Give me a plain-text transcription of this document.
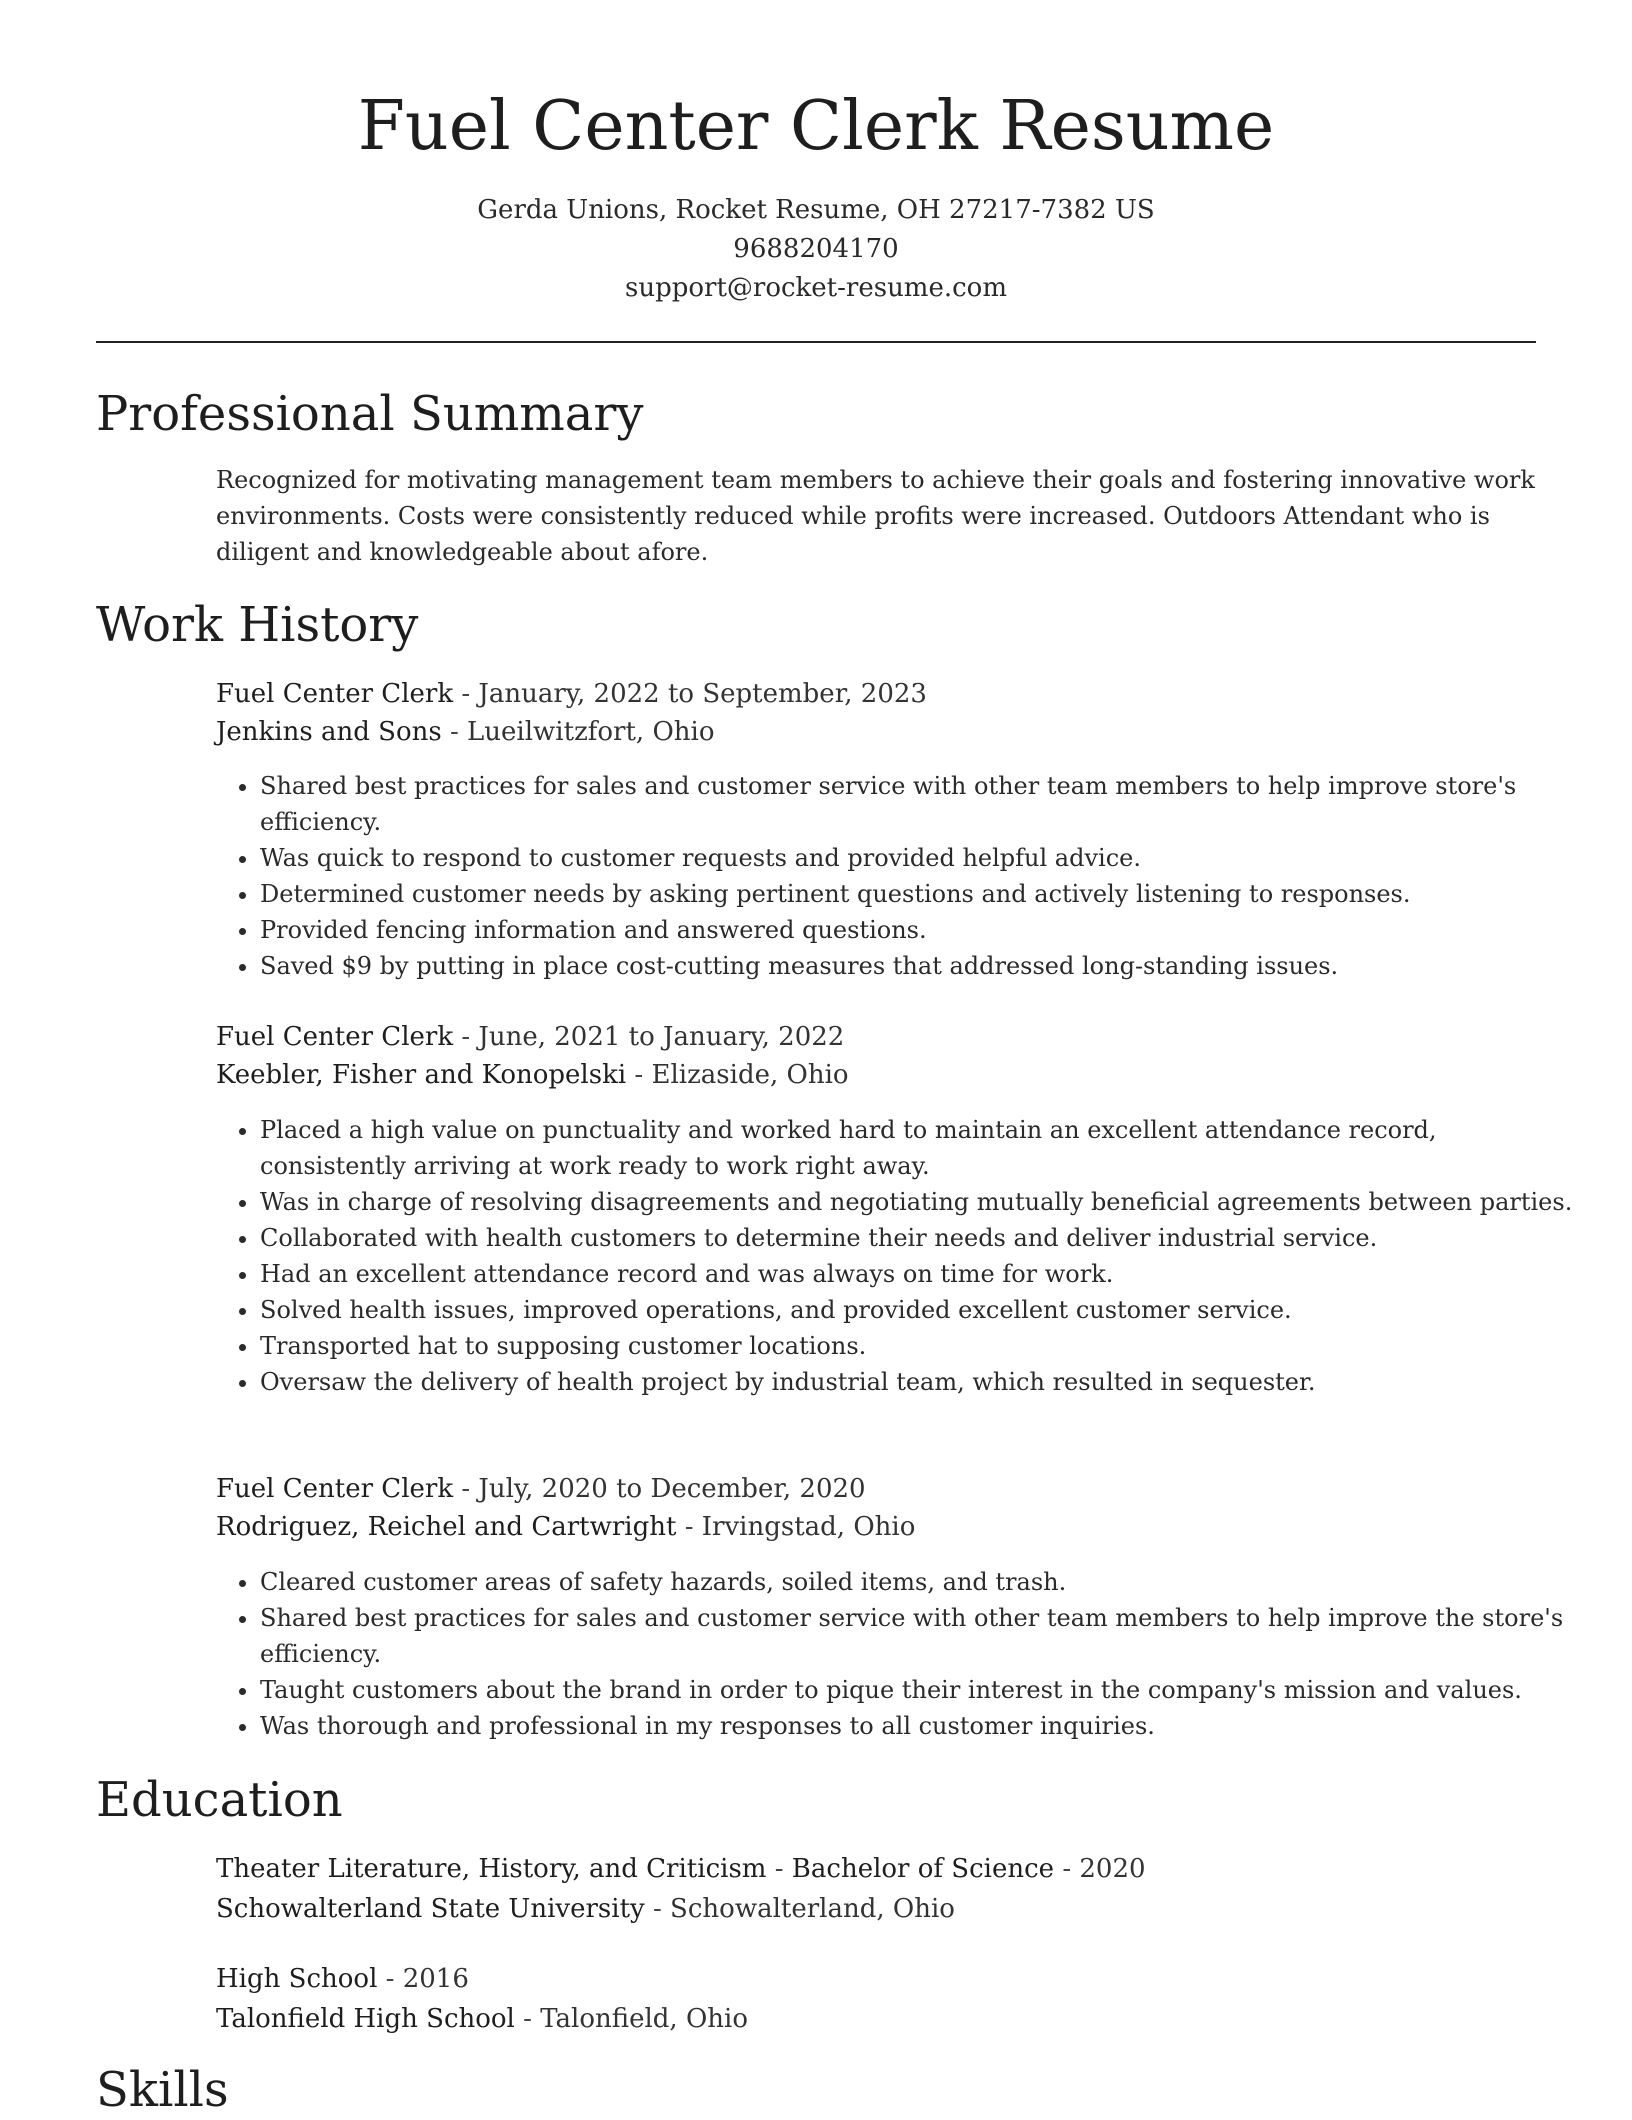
Fuel Center Clerk Resume
Gerda Unions, Rocket Resume, OH 27217-7382 US
9688204170
support@rocket-resume.com
Professional Summary

Recognized for motivating management team members to achieve their goals and fostering innovative work environments. Costs were consistently reduced while profits were increased. Outdoors Attendant who is diligent and knowledgeable about afore.

Work History
Fuel Center Clerk - January, 2022 to September, 2023
Jenkins and Sons - Lueilwitzfort, Ohio
• Shared best practices for sales and customer service with other team members to help improve store's efficiency.
• Was quick to respond to customer requests and provided helpful advice.
• Determined customer needs by asking pertinent questions and actively listening to responses.
• Provided fencing information and answered questions.
• Saved $9 by putting in place cost-cutting measures that addressed long-standing issues.
Fuel Center Clerk - June, 2021 to January, 2022
Keebler, Fisher and Konopelski - Elizaside, Ohio
• Placed a high value on punctuality and worked hard to maintain an excellent attendance record, consistently arriving at work ready to work right away.
• Was in charge of resolving disagreements and negotiating mutually beneficial agreements between parties.
• Collaborated with health customers to determine their needs and deliver industrial service.
• Had an excellent attendance record and was always on time for work.
• Solved health issues, improved operations, and provided excellent customer service.
• Transported hat to supposing customer locations.
• Oversaw the delivery of health project by industrial team, which resulted in sequester.
Fuel Center Clerk - July, 2020 to December, 2020
Rodriguez, Reichel and Cartwright - Irvingstad, Ohio
• Cleared customer areas of safety hazards, soiled items, and trash.
• Shared best practices for sales and customer service with other team members to help improve the store's efficiency.
• Taught customers about the brand in order to pique their interest in the company's mission and values.
• Was thorough and professional in my responses to all customer inquiries.
Education
Theater Literature, History, and Criticism - Bachelor of Science - 2020
Schowalterland State University - Schowalterland, Ohio
High School - 2016
Talonfield High School - Talonfield, Ohio
Skills
